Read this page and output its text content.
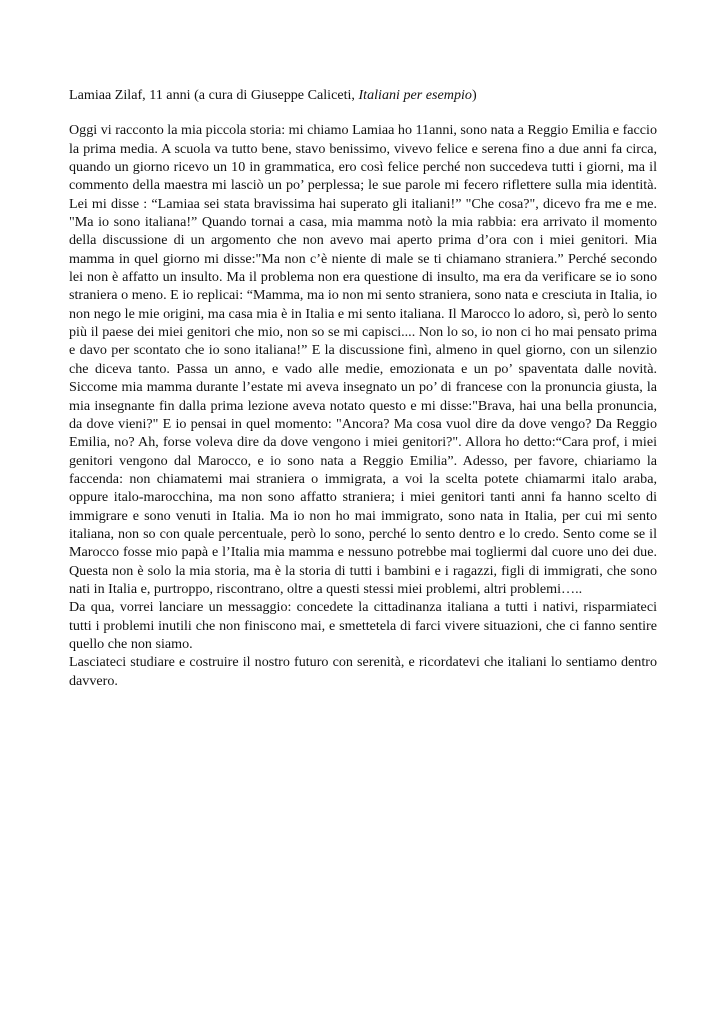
Lamiaa Zilaf, 11 anni (a cura di Giuseppe Caliceti, Italiani per esempio)

Oggi vi racconto la mia piccola storia: mi chiamo Lamiaa ho 11anni, sono nata a Reggio Emilia e faccio la prima media. A scuola va tutto bene, stavo benissimo, vivevo felice e serena fino a due anni fa circa, quando un giorno ricevo un 10 in grammatica, ero così felice perché non succedeva tutti i giorni, ma il commento della maestra mi lasciò un po’ perplessa; le sue parole mi fecero riflettere sulla mia identità. Lei mi disse : “Lamiaa sei stata bravissima hai superato gli italiani!” "Che cosa?", dicevo fra me e me. "Ma io sono italiana!” Quando tornai a casa, mia mamma notò la mia rabbia: era arrivato il momento della discussione di un argomento che non avevo mai aperto prima d’ora con i miei genitori. Mia mamma in quel giorno mi disse:"Ma non c’è niente di male se ti chiamano straniera.” Perché secondo lei non è affatto un insulto. Ma il problema non era questione di insulto, ma era da verificare se io sono straniera o meno. E io replicai: “Mamma, ma io non mi sento straniera, sono nata e cresciuta in Italia, io non nego le mie origini, ma casa mia è in Italia e mi sento italiana. Il Marocco lo adoro, sì, però lo sento più il paese dei miei genitori che mio, non so se mi capisci.... Non lo so, io non ci ho mai pensato prima e davo per scontato che io sono italiana!” E la discussione finì, almeno in quel giorno, con un silenzio che diceva tanto. Passa un anno, e vado alle medie, emozionata e un po’ spaventata dalle novità. Siccome mia mamma durante l’estate mi aveva insegnato un po’ di francese con la pronuncia giusta, la mia insegnante fin dalla prima lezione aveva notato questo e mi disse:"Brava, hai una bella pronuncia, da dove vieni?" E io pensai in quel momento: "Ancora? Ma cosa vuol dire da dove vengo? Da Reggio Emilia, no? Ah, forse voleva dire da dove vengono i miei genitori?". Allora ho detto:“Cara prof, i miei genitori vengono dal Marocco, e io sono nata a Reggio Emilia”. Adesso, per favore, chiariamo la faccenda: non chiamatemi mai straniera o immigrata, a voi la scelta potete chiamarmi italo araba, oppure italo-marocchina, ma non sono affatto straniera; i miei genitori tanti anni fa hanno scelto di immigrare e sono venuti in Italia. Ma io non ho mai immigrato, sono nata in Italia, per cui mi sento italiana, non so con quale percentuale, però lo sono, perché lo sento dentro e lo credo. Sento come se il Marocco fosse mio papà e l’Italia mia mamma e nessuno potrebbe mai togliermi dal cuore uno dei due. Questa non è solo la mia storia, ma è la storia di tutti i bambini e i ragazzi, figli di immigrati, che sono nati in Italia e, purtroppo, riscontrano, oltre a questi stessi miei problemi, altri problemi…..

Da qua, vorrei lanciare un messaggio: concedete la cittadinanza italiana a tutti i nativi, risparmiateci tutti i problemi inutili che non finiscono mai, e smettetela di farci vivere situazioni, che ci fanno sentire quello che non siamo.

Lasciateci studiare e costruire il nostro futuro con serenità, e ricordatevi che italiani lo sentiamo dentro davvero.
